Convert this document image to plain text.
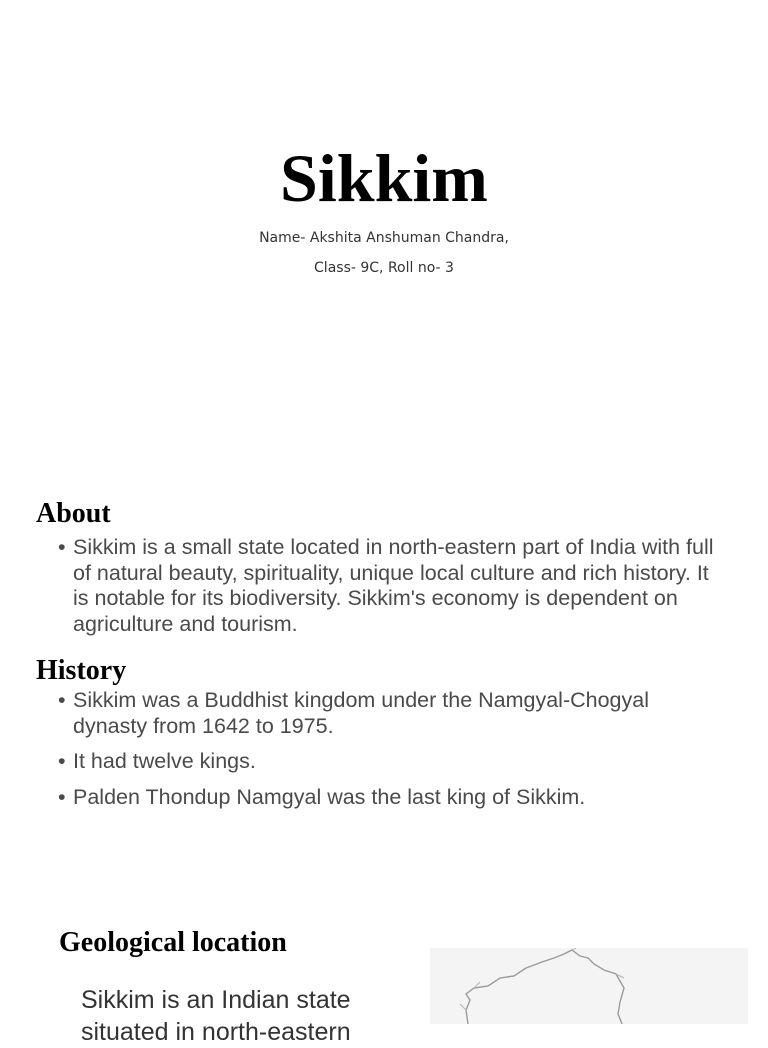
Sikkim
Name- Akshita Anshuman Chandra,
Class- 9C, Roll no- 3
About
• Sikkim is a small state located in north-eastern part of India with full of natural beauty, spirituality, unique local culture and rich history. It is notable for its biodiversity. Sikkim's economy is dependent on agriculture and tourism.
History
• Sikkim was a Buddhist kingdom under the Namgyal-Chogyal dynasty from 1642 to 1975.
• It had twelve kings.
• Palden Thondup Namgyal was the last king of Sikkim.
Geological location
Sikkim is an Indian state situated in north-eastern
